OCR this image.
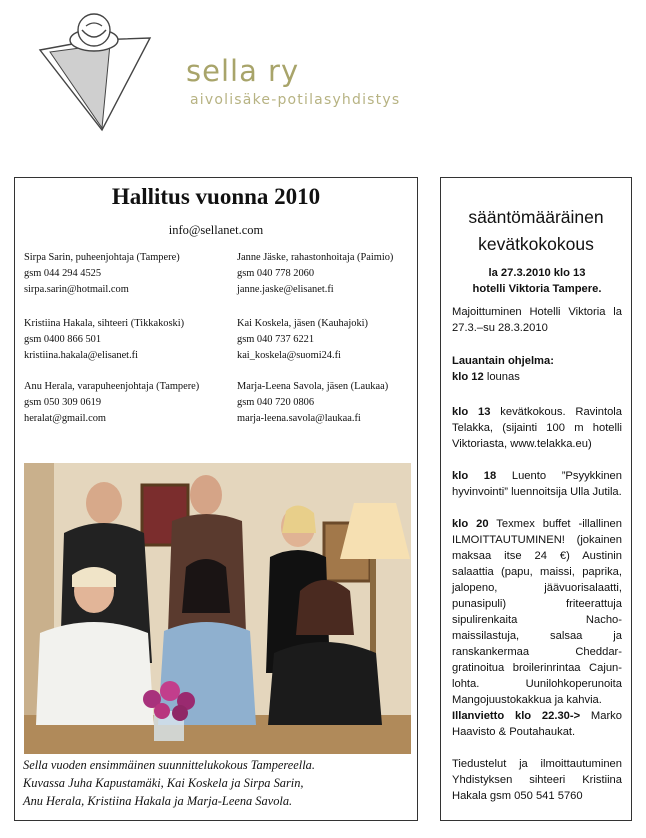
sella ry
aivolisäke-potilasyhdistys
Hallitus vuonna 2010
info@sellanet.com
Sirpa Sarin, puheenjohtaja (Tampere)
gsm 044 294 4525
sirpa.sarin@hotmail.com
Janne Jäske, rahastonhoitaja (Paimio)
gsm 040 778 2060
janne.jaske@elisanet.fi
Kristiina Hakala, sihteeri (Tikkakoski)
gsm 0400 866 501
kristiina.hakala@elisanet.fi
Kai Koskela, jäsen (Kauhajoki)
gsm 040 737 6221
kai_koskela@suomi24.fi
Anu Herala, varapuheenjohtaja (Tampere)
gsm 050 309 0619
heralat@gmail.com
Marja-Leena Savola, jäsen (Laukaa)
gsm 040 720 0806
marja-leena.savola@laukaa.fi
Sella vuoden ensimmäinen suunnittelukokous Tampereella.
Kuvassa Juha Kapustamäki, Kai Koskela ja Sirpa Sarin,
Anu Herala, Kristiina Hakala ja Marja-Leena Savola.
sääntömääräinen
kevätkokokous
la 27.3.2010 klo 13
hotelli Viktoria Tampere.
Majoittuminen Hotelli Viktoria la 27.3.–su 28.3.2010
Lauantain ohjelma:
klo 12 lounas
klo 13 kevätkokous. Ravintola Telakka, (sijainti 100 m hotelli Viktoriasta, www.telakka.eu)
klo 18 Luento ”Psyykkinen hyvinvointi” luennoitsija Ulla Jutila.
klo 20 Texmex buffet -illallinen ILMOITTAUTUMINEN! (jokainen maksaa itse 24 €) Austinin salaattia (papu, maissi, paprika, jalopeno, jäävuorisalaatti, punasipuli) friteerattuja sipulirenkaita Nacho-maissilastuja, salsaa ja ranskankermaa Cheddar-gratinoitua broilerinrintaa Cajun-lohta. Uunilohkoperunoita Mangojuustokakkua ja kahvia.
Illanvietto klo 22.30-> Marko Haavisto & Poutahaukat.
Tiedustelut ja ilmoittautuminen Yhdistyksen sihteeri Kristiina Hakala gsm 050 541 5760
